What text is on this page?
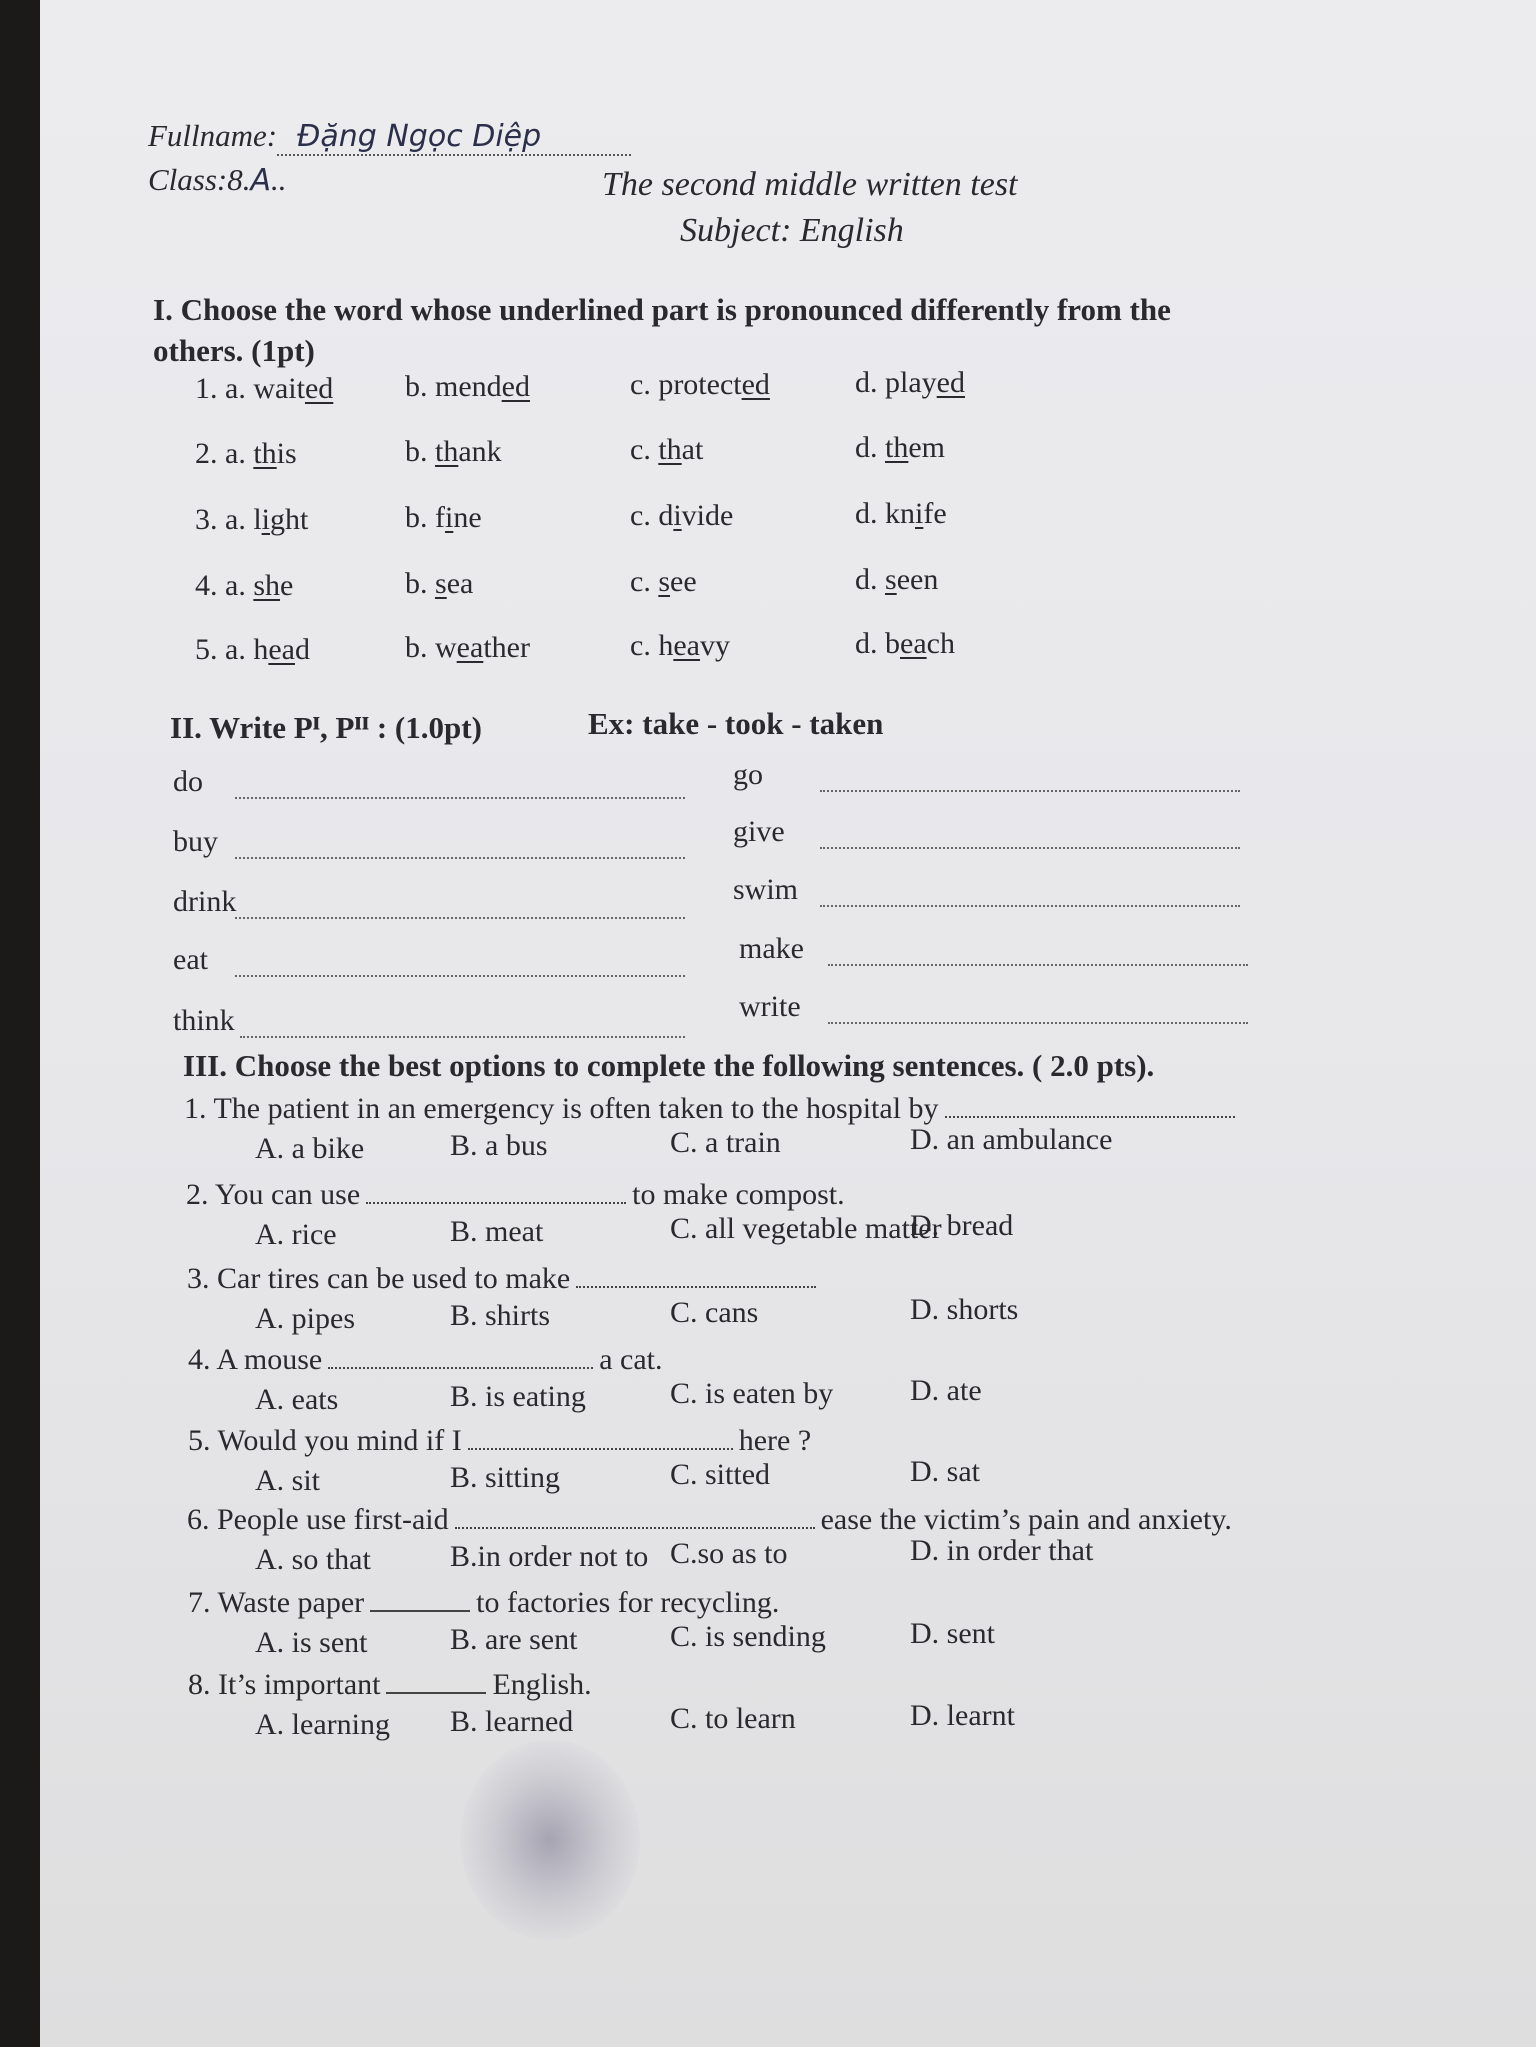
Fullname: Đặng Ngọc Diệp
Class:8.A..	The second middle written test
Subject: English
I. Choose the word whose underlined part is pronounced differently from the
others. (1pt)
1. a. waited b. mended	c. protected	d. played
2. a. this	b. thank	c. that	d. them
3. a. light	b. fine	c. divide	d. knife
4. a. she	b. sea	c. see	d. seen
5. a. head	b. weather	c. heavy	d. beach
II. Write Pᴵ, Pᴵᴵ : (1.0pt)	Ex: take - took - taken
do
buy
drink
eat
think
go
give
swim
make
write
III. Choose the best options to complete the following sentences. ( 2.0 pts).
1. The patient in an emergency is often taken to the hospital by
A. a bike	B. a bus	C. a train	D. an ambulance
2. You can use	to make compost.
A. rice	B. meat	C. all vegetable matter
D. bread
3. Car tires can be used to make
A. pipes	B. shirts	C. cans	D. shorts
4. A mouse	a cat.
A. eats	B. is eating	C. is eaten by	D. ate
5. Would you mind if I	here ?
A. sit	B. sitting	C. sitted	D. sat
6. People use first-aid	ease the victim’s pain and anxiety.
A. so that	B.in order not to C.so as to	D. in order that
7. Waste paper	to factories for recycling.
A. is sent	B. are sent	C. is sending	D. sent
8. It’s important	English.
A. learning B. learned	C. to learn	D. learnt
